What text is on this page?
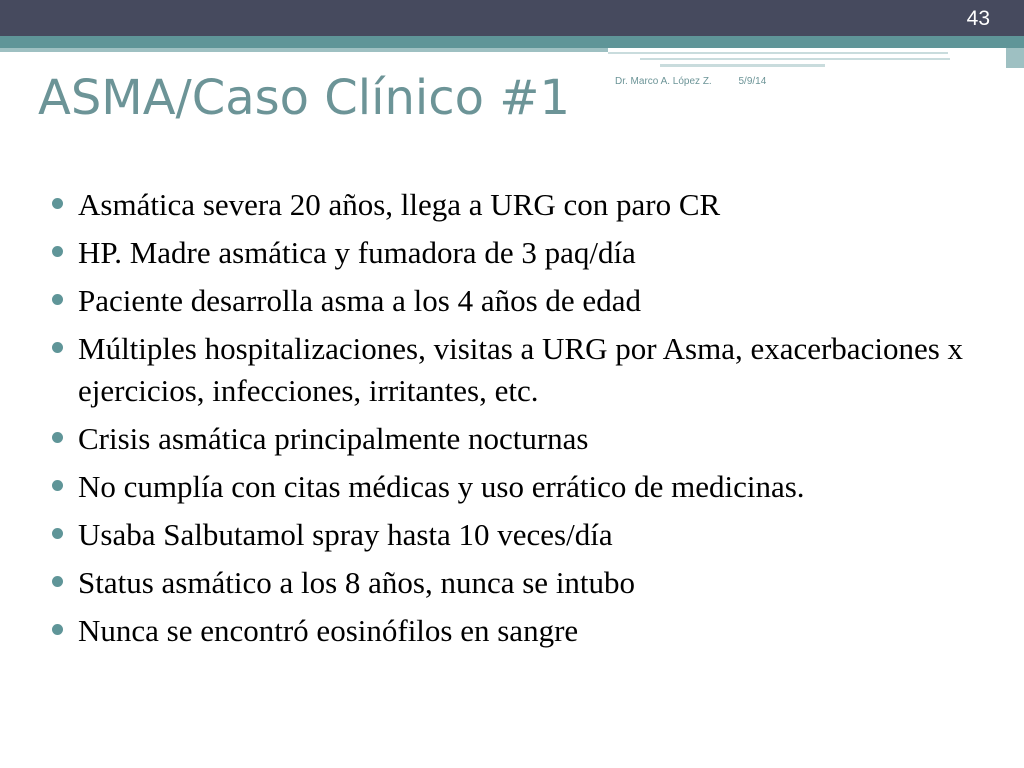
43
ASMA/Caso Clínico #1	Dr. Marco A. López Z.	5/9/14
Asmática severa 20 años, llega a URG con paro CR
HP. Madre asmática y fumadora de 3 paq/día
Paciente desarrolla asma a los 4 años de edad
Múltiples hospitalizaciones, visitas a URG por Asma, exacerbaciones x ejercicios, infecciones, irritantes, etc.
Crisis asmática principalmente nocturnas
No cumplía con citas médicas y uso errático de medicinas.
Usaba Salbutamol spray hasta 10 veces/día
Status asmático a los 8 años, nunca se intubo
Nunca se encontró eosinófilos en sangre
